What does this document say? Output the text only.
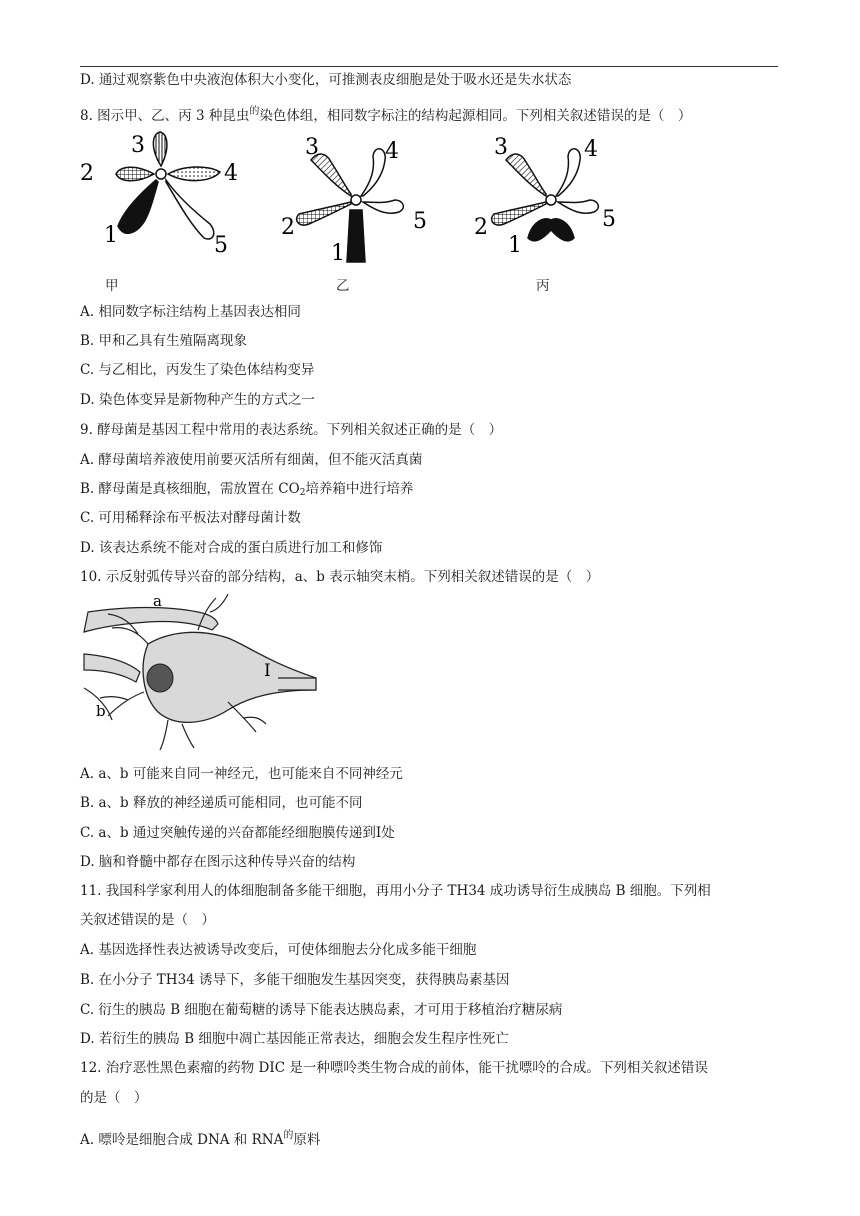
D. 通过观察紫色中央液泡体积大小变化，可推测表皮细胞是处于吸水还是失水状态
8. 图示甲、乙、丙 3 种昆虫$^的$染色体组，相同数字标注的结构起源相同。下列相关叙述错误的是（　）
3
2	4
1	5
3	4
2	5
1
3	4
2	5
1
甲	乙	丙
A. 相同数字标注结构上基因表达相同
B. 甲和乙具有生殖隔离现象
C. 与乙相比，丙发生了染色体结构变异
D. 染色体变异是新物种产生的方式之一
9. 酵母菌是基因工程中常用的表达系统。下列相关叙述正确的是（　）
A. 酵母菌培养液使用前要灭活所有细菌，但不能灭活真菌
B. 酵母菌是真核细胞，需放置在 $CO_2$培养箱中进行培养
C. 可用稀释涂布平板法对酵母菌计数
D. 该表达系统不能对合成的蛋白质进行加工和修饰
10. 示反射弧传导兴奋的部分结构，a、b 表示轴突末梢。下列相关叙述错误的是（　）
a
b
I
A. a、b 可能来自同一神经元，也可能来自不同神经元
B. a、b 释放的神经递质可能相同，也可能不同
C. a、b 通过突触传递的兴奋都能经细胞膜传递到Ⅰ处
D. 脑和脊髓中都存在图示这种传导兴奋的结构
11. 我国科学家利用人的体细胞制备多能干细胞，再用小分子 TH34 成功诱导衍生成胰岛 B 细胞。下列相
关叙述错误的是（　）
A. 基因选择性表达被诱导改变后，可使体细胞去分化成多能干细胞
B. 在小分子 TH34 诱导下，多能干细胞发生基因突变，获得胰岛素基因
C. 衍生的胰岛 B 细胞在葡萄糖的诱导下能表达胰岛素，才可用于移植治疗糖尿病
D. 若衍生的胰岛 B 细胞中凋亡基因能正常表达，细胞会发生程序性死亡
12. 治疗恶性黑色素瘤的药物 DIC 是一种嘌呤类生物合成的前体，能干扰嘌呤的合成。下列相关叙述错误
的是（　）
A. 嘌呤是细胞合成 DNA 和 $RNA^的$原料
